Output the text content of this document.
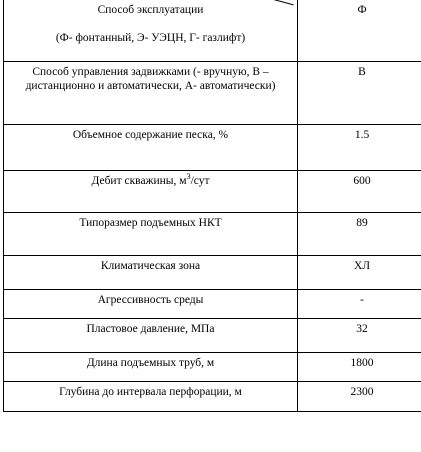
Способ эксплуатации
(Ф- фонтанный, Э- УЭЦН, Г- газлифт)	Ф

Способ управления задвижками (- вручную, В – дистанционно и автоматически, А- автоматически)	В

Объемное содержание песка, %	1.5

Дебит скважины, $м^3$/сут	600

Типоразмер подъемных НКТ	89

Климатическая зона	ХЛ

Агрессивность среды	-

Пластовое давление, МПа	32

Длина подъемных труб, м	1800

Глубина до интервала перфорации, м	2300
